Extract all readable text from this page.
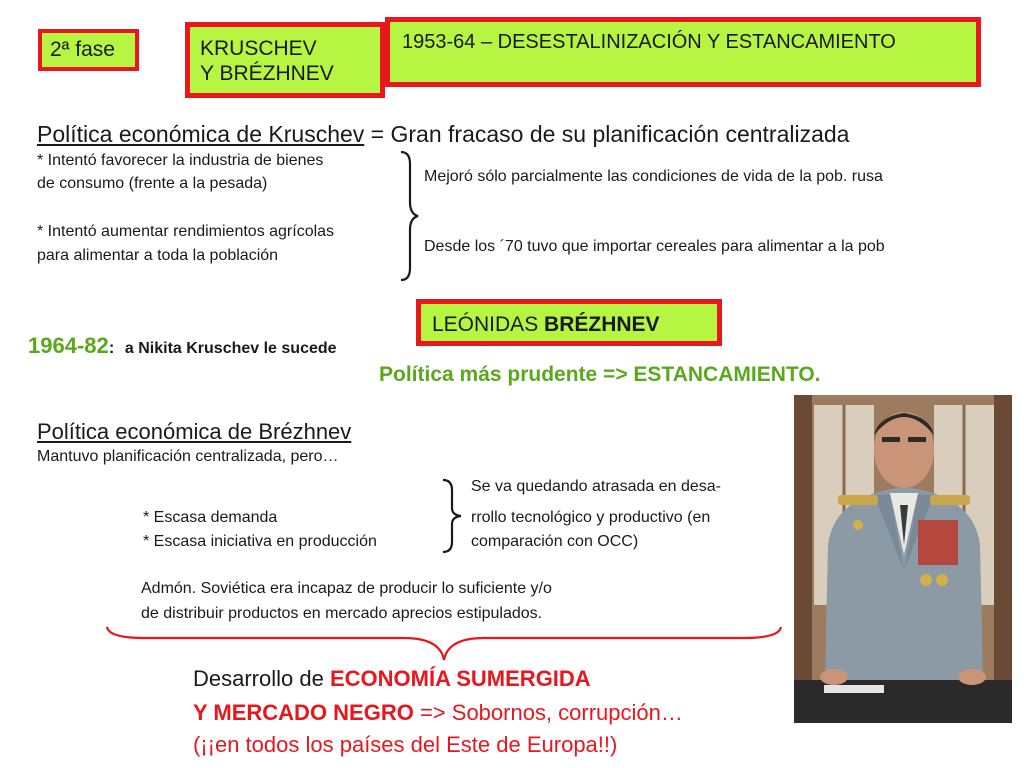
2ª fase	KRUSCHEV
Y BRÉZHNEV
1953-64 – DESESTALINIZACIÓN Y ESTANCAMIENTO
Política económica de Kruschev = Gran fracaso de su planificación centralizada
* Intentó favorecer la industria de bienes
de consumo (frente a la pesada)
* Intentó aumentar rendimientos agrícolas
para alimentar a toda la población
Mejoró sólo parcialmente las condiciones de vida de la pob. rusa
Desde los ´70 tuvo que importar cereales para alimentar a la pob
LEÓNIDAS BRÉZHNEV
1964-82: a Nikita Kruschev le sucede
Política más prudente => ESTANCAMIENTO.
Política económica de Brézhnev
Mantuvo planificación centralizada, pero…
* Escasa demanda
* Escasa iniciativa en producción
Se va quedando atrasada en desa-
rrollo tecnológico y productivo (en
comparación con OCC)
Admón. Soviética era incapaz de producir lo suficiente y/o
de distribuir productos en mercado aprecios estipulados.
Desarrollo de ECONOMÍA SUMERGIDA
Y MERCADO NEGRO => Sobornos, corrupción…
(¡¡en todos los países del Este de Europa!!)
